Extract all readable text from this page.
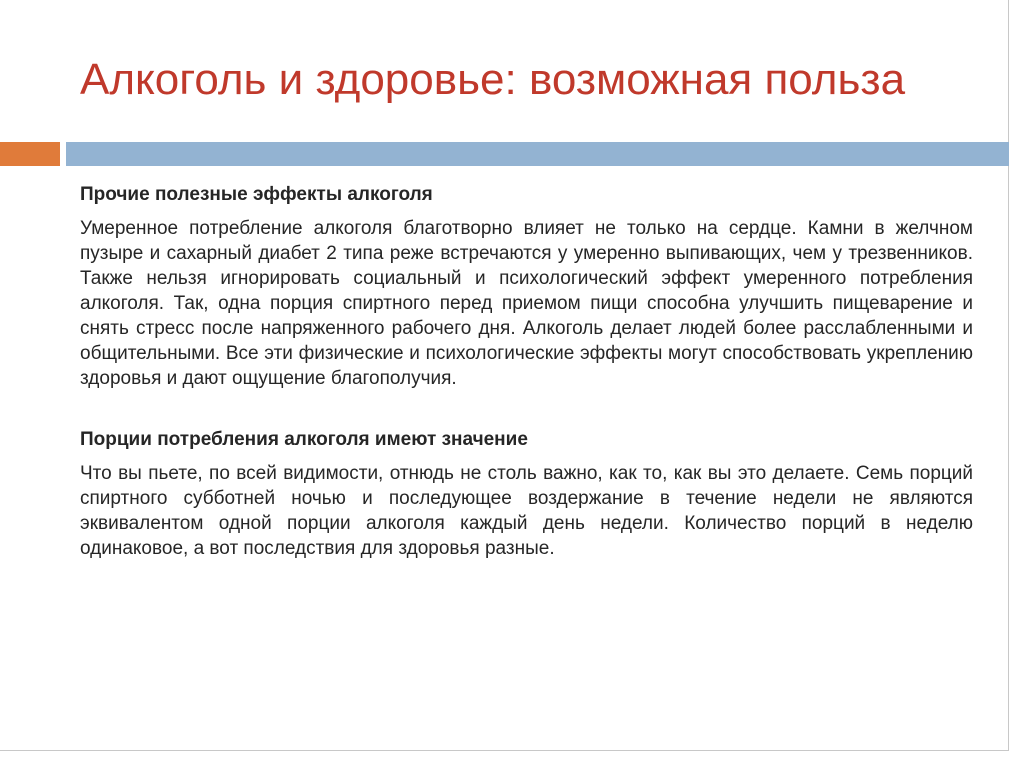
Алкоголь и здоровье: возможная польза

Прочие полезные эффекты алкоголя

Умеренное потребление алкоголя благотворно влияет не только на сердце. Камни в желчном пузыре и сахарный диабет 2 типа реже встречаются у умеренно выпивающих, чем у трезвенников. Также нельзя игнорировать социальный и психологический эффект умеренного потребления алкоголя. Так, одна порция спиртного перед приемом пищи способна улучшить пищеварение и снять стресс после напряженного рабочего дня. Алкоголь делает людей более расслабленными и общительными. Все эти физические и психологические эффекты могут способствовать укреплению здоровья и дают ощущение благополучия.

Порции потребления алкоголя имеют значение

Что вы пьете, по всей видимости, отнюдь не столь важно, как то, как вы это делаете. Семь порций спиртного субботней ночью и последующее воздержание в течение недели не являются эквивалентом одной порции алкоголя каждый день недели. Количество порций в неделю одинаковое, а вот последствия для здоровья разные.
